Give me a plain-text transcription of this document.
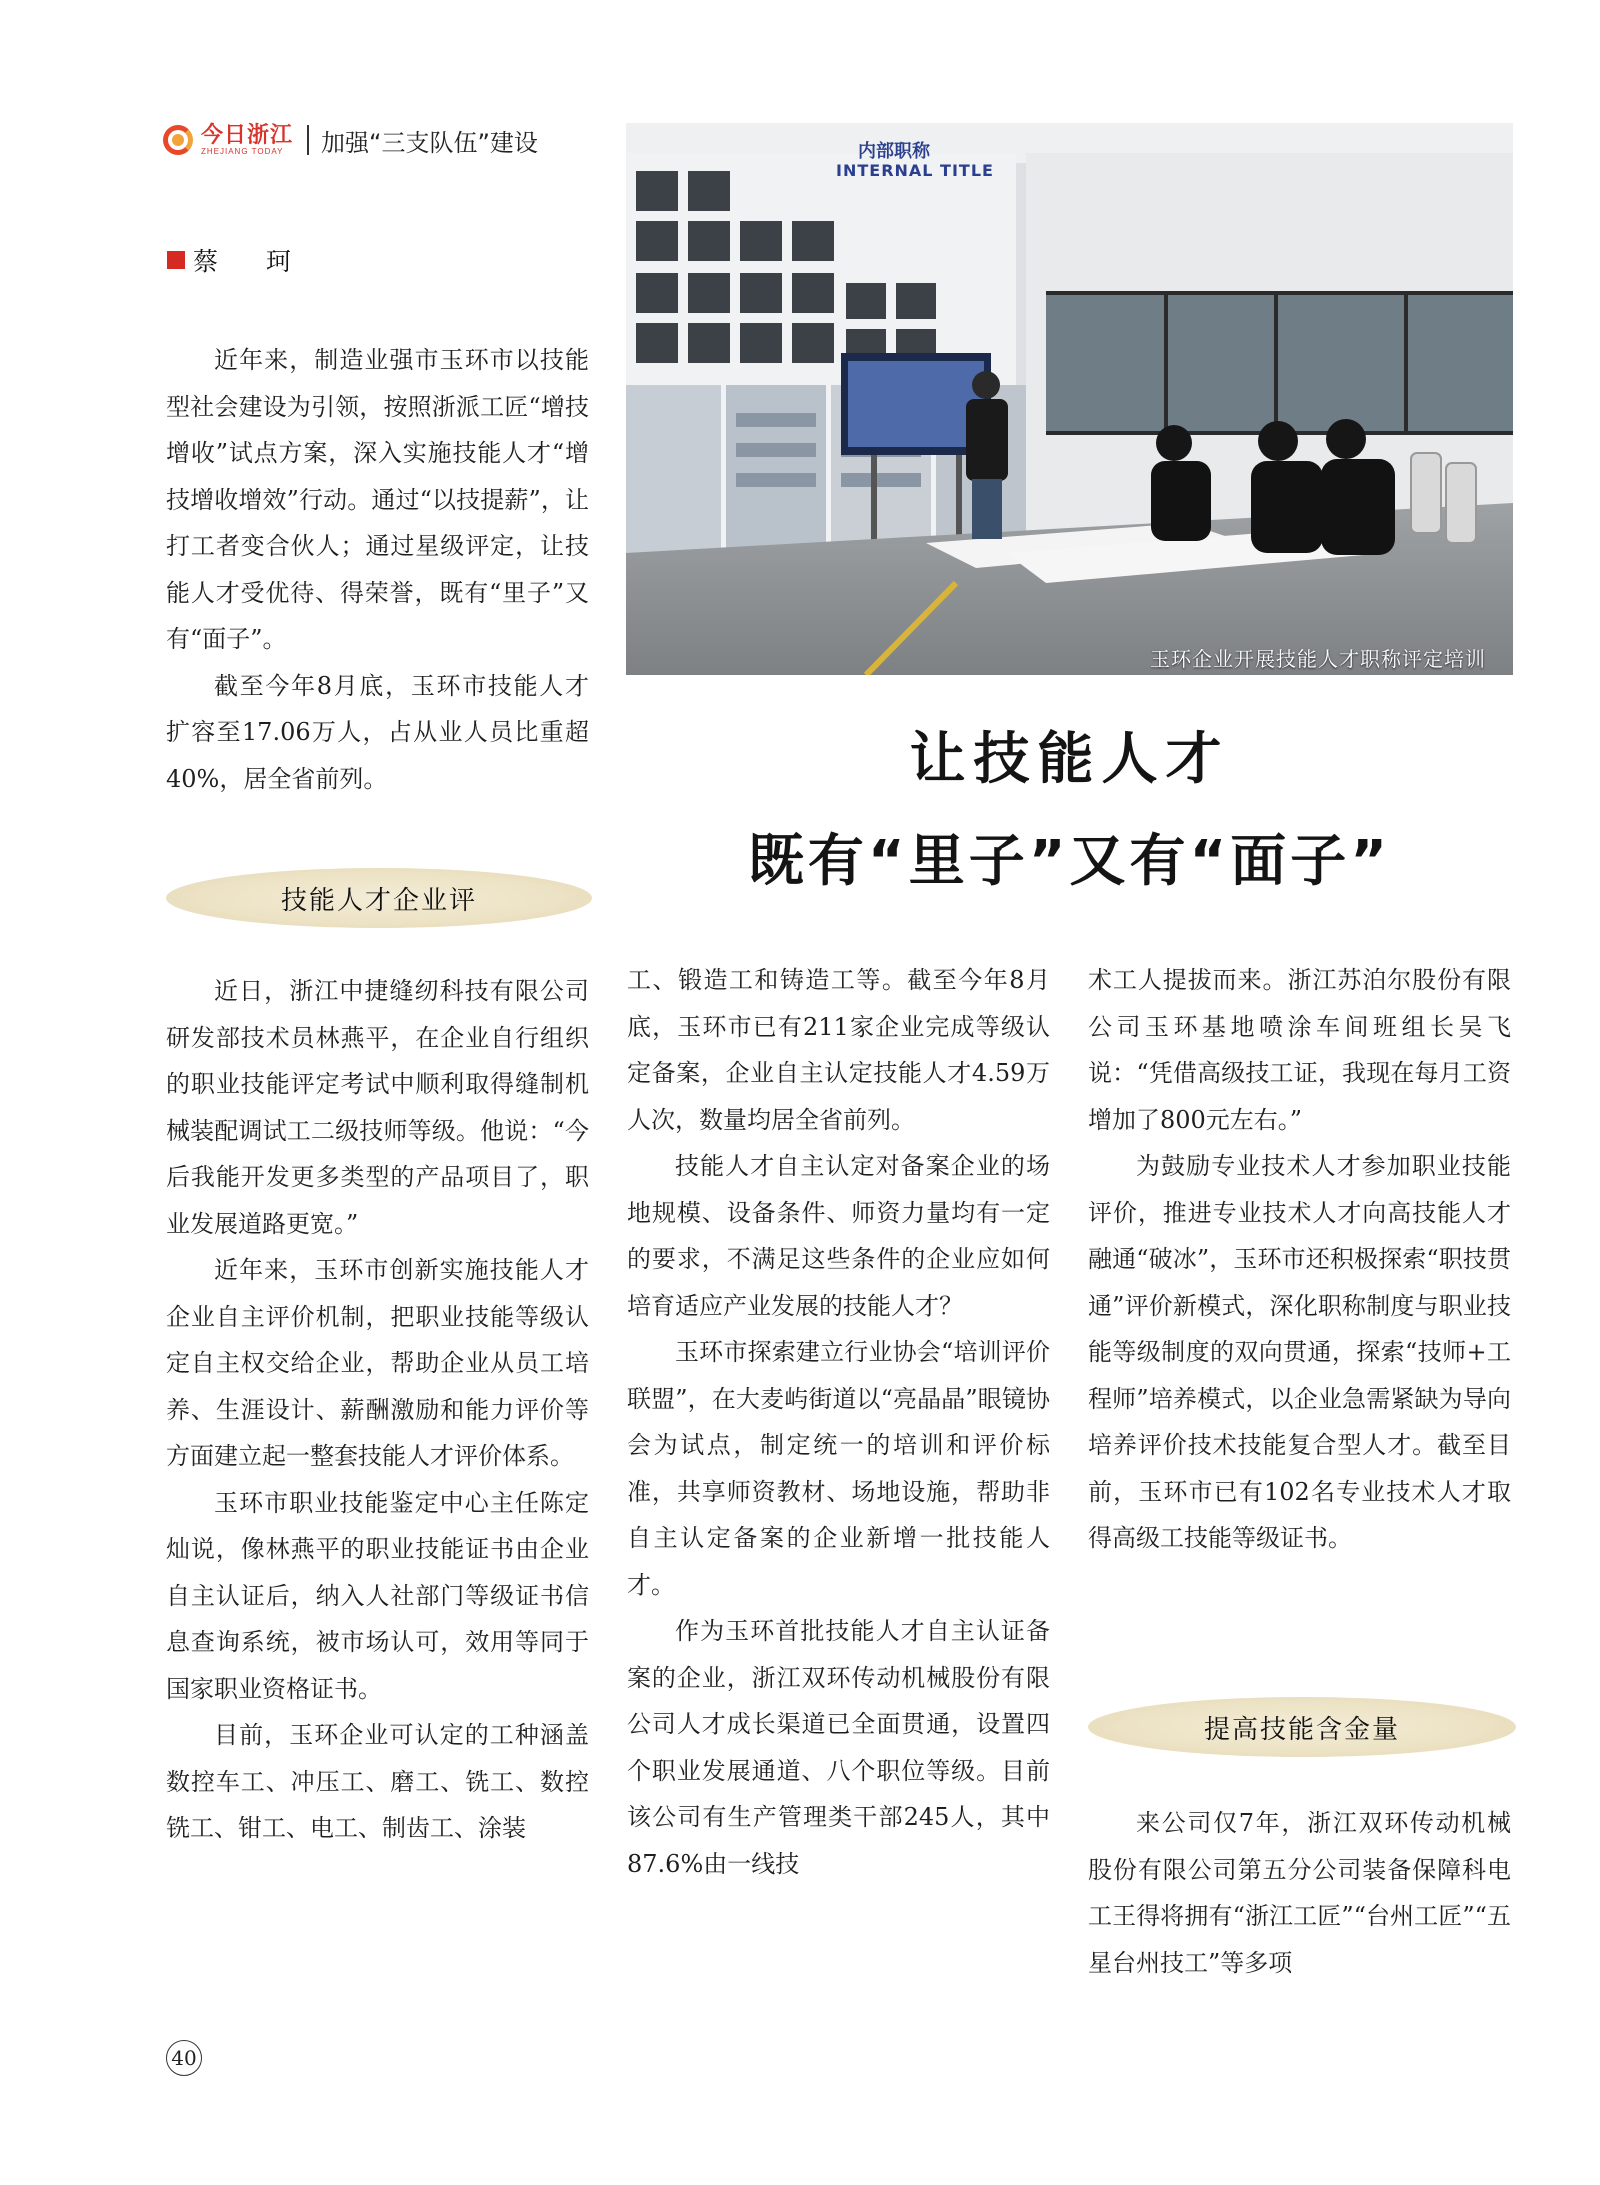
今日浙江
ZHEJIANG TODAY	加强“三支队伍”建设
蔡 珂

近年来，制造业强市玉环市以技能型社会建设为引领，按照浙派工匠“增技增收”试点方案，深入实施技能人才“增技增收增效”行动。通过“以技提薪”，让打工者变合伙人；通过星级评定，让技能人才受优待、得荣誉，既有“里子”又有“面子”。

截至今年8月底，玉环市技能人才扩容至17.06万人，占从业人员比重超40%，居全省前列。

内部职称
INTERNAL TITLE
玉环企业开展技能人才职称评定培训
让技能人才
既有“里子”又有“面子”
技能人才企业评

近日，浙江中捷缝纫科技有限公司研发部技术员林燕平，在企业自行组织的职业技能评定考试中顺利取得缝制机械装配调试工二级技师等级。他说：“今后我能开发更多类型的产品项目了，职业发展道路更宽。”

近年来，玉环市创新实施技能人才企业自主评价机制，把职业技能等级认定自主权交给企业，帮助企业从员工培养、生涯设计、薪酬激励和能力评价等方面建立起一整套技能人才评价体系。

玉环市职业技能鉴定中心主任陈定灿说，像林燕平的职业技能证书由企业自主认证后，纳入人社部门等级证书信息查询系统，被市场认可，效用等同于国家职业资格证书。

目前，玉环企业可认定的工种涵盖数控车工、冲压工、磨工、铣工、数控铣工、钳工、电工、制齿工、涂装

工、锻造工和铸造工等。截至今年8月底，玉环市已有211家企业完成等级认定备案，企业自主认定技能人才4.59万人次，数量均居全省前列。

技能人才自主认定对备案企业的场地规模、设备条件、师资力量均有一定的要求，不满足这些条件的企业应如何培育适应产业发展的技能人才？

玉环市探索建立行业协会“培训评价联盟”，在大麦屿街道以“亮晶晶”眼镜协会为试点，制定统一的培训和评价标准，共享师资教材、场地设施，帮助非自主认定备案的企业新增一批技能人才。

作为玉环首批技能人才自主认证备案的企业，浙江双环传动机械股份有限公司人才成长渠道已全面贯通，设置四个职业发展通道、八个职位等级。目前该公司有生产管理类干部245人，其中87.6%由一线技

术工人提拔而来。浙江苏泊尔股份有限公司玉环基地喷涂车间班组长吴飞说：“凭借高级技工证，我现在每月工资增加了800元左右。”

为鼓励专业技术人才参加职业技能评价，推进专业技术人才向高技能人才融通“破冰”，玉环市还积极探索“职技贯通”评价新模式，深化职称制度与职业技能等级制度的双向贯通，探索“技师+工程师”培养模式，以企业急需紧缺为导向培养评价技术技能复合型人才。截至目前，玉环市已有102名专业技术人才取得高级工技能等级证书。

提高技能含金量

来公司仅7年，浙江双环传动机械股份有限公司第五分公司装备保障科电工王得将拥有“浙江工匠”“台州工匠”“五星台州技工”等多项

40
